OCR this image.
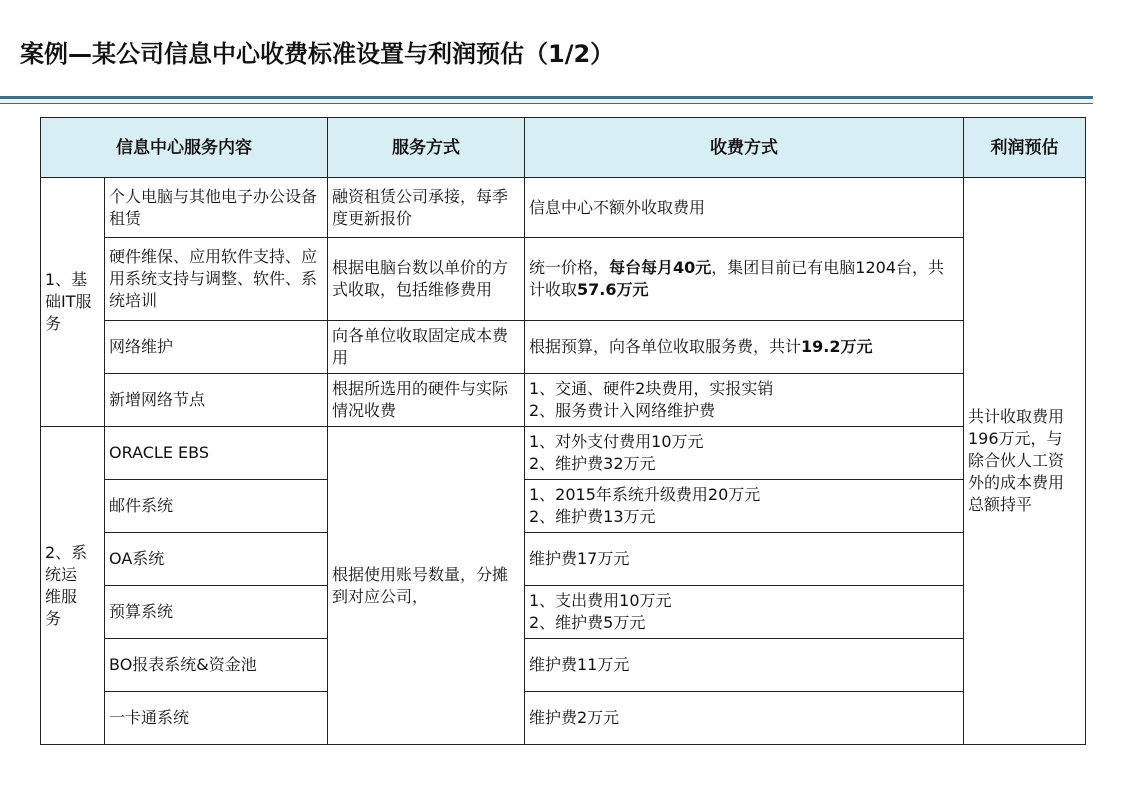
案例—某公司信息中心收费标准设置与利润预估（1/2）
信息中心服务内容		服务方式	收费方式	利润预估

1、基
础IT服
务	个人电脑与其他电子办公设备租赁	融资租赁公司承接，每季度更新报价	信息中心不额外收取费用	共计收取费用
196万元，与
除合伙人工资
外的成本费用
总额持平

	硬件维保、应用软件支持、应用系统支持与调整、软件、系统培训	根据电脑台数以单价的方式收取，包括维修费用	统一价格，每台每月40元，集团目前已有电脑1204台，共计收取57.6万元	
	网络维护	向各单位收取固定成本费用	根据预算，向各单位收取服务费，共计19.2万元	
	新增网络节点	根据所选用的硬件与实际情况收费	1、交通、硬件2块费用，实报实销
2、服务费计入网络维护费	

2、系
统运
维服
务	ORACLE EBS	根据使用账号数量，分摊到对应公司，	1、对外支付费用10万元
2、维护费32万元	

	邮件系统		1、2015年系统升级费用20万元
2、维护费13万元	

	OA系统		维护费17万元	
	预算系统		1、支出费用10万元
2、维护费5万元	

	BO报表系统&资金池		维护费11万元	
	一卡通系统		维护费2万元	
